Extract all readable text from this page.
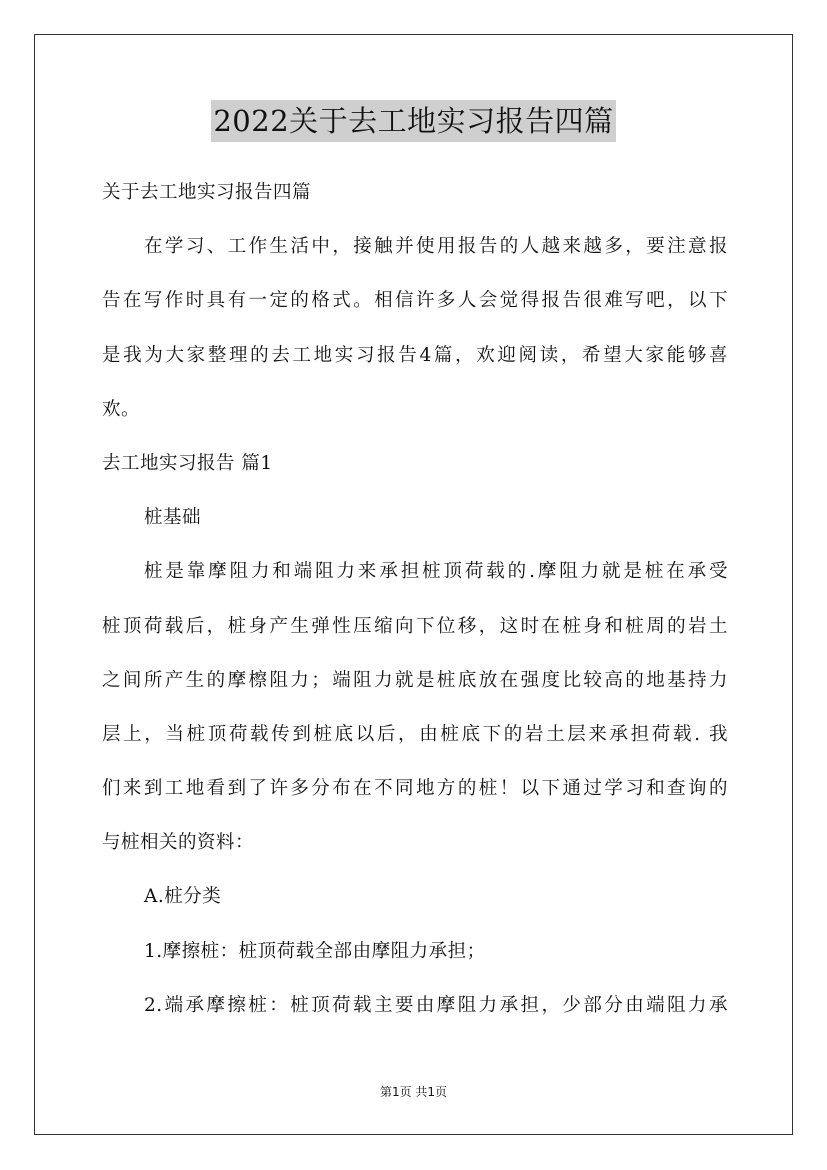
2022关于去工地实习报告四篇
关于去工地实习报告四篇
在学习、工作生活中，接触并使用报告的人越来越多，要注意报
告在写作时具有一定的格式。相信许多人会觉得报告很难写吧，以下
是我为大家整理的去工地实习报告4篇，欢迎阅读，希望大家能够喜
欢。
去工地实习报告 篇1
桩基础
桩是靠摩阻力和端阻力来承担桩顶荷载的.摩阻力就是桩在承受
桩顶荷载后，桩身产生弹性压缩向下位移，这时在桩身和桩周的岩土
之间所产生的摩檫阻力；端阻力就是桩底放在强度比较高的地基持力
层上，当桩顶荷载传到桩底以后，由桩底下的岩土层来承担荷载. 我
们来到工地看到了许多分布在不同地方的桩！以下通过学习和查询的
与桩相关的资料：
A.桩分类
1.摩擦桩：桩顶荷载全部由摩阻力承担；
2.端承摩擦桩：桩顶荷载主要由摩阻力承担，少部分由端阻力承
第1页 共1页
